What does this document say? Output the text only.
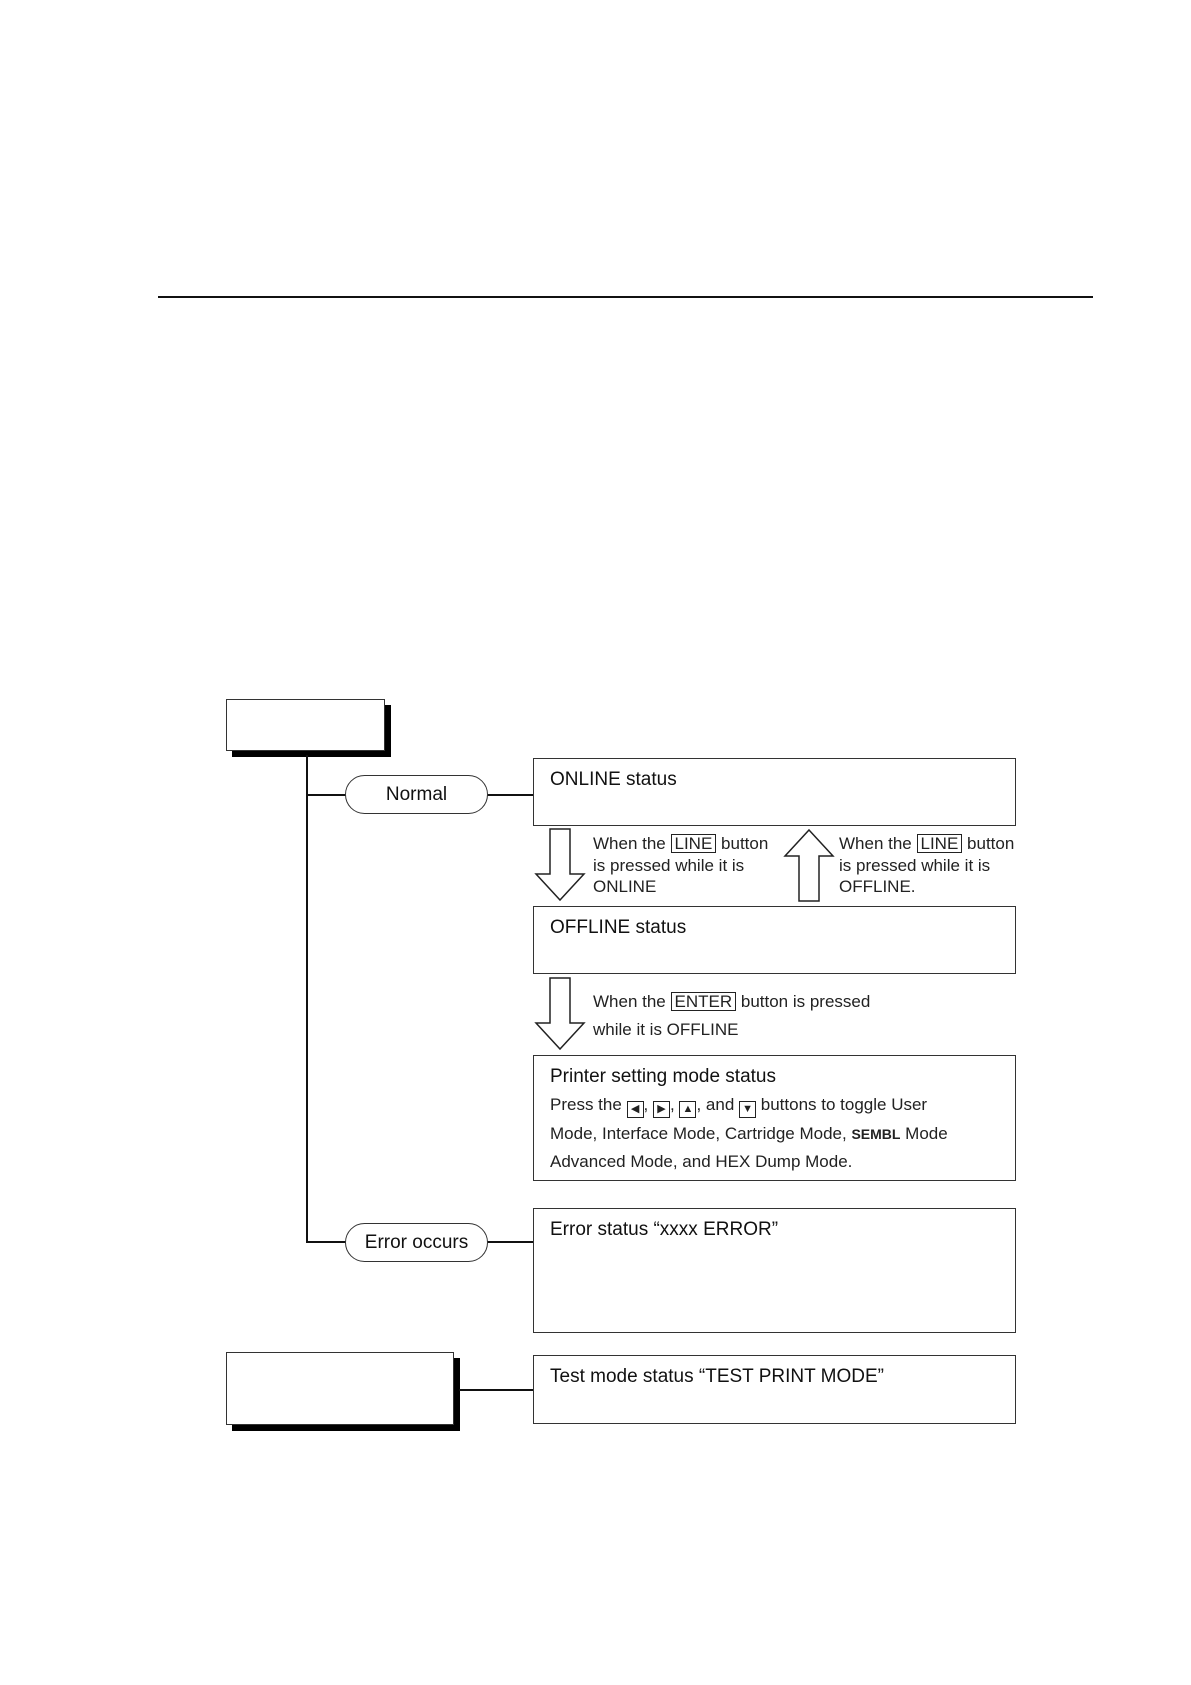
Normal
Error occurs
ONLINE status
When the LINE button
is pressed while it is
ONLINE
When the LINE button
is pressed while it is
OFFLINE.
OFFLINE status
When the ENTER button is pressed
while it is OFFLINE
Printer setting mode status
Press the ◀ , ▶ , ▲ , and ▼ buttons to toggle User
Mode, Interface Mode, Cartridge Mode, SEMBL Mode
Advanced Mode, and HEX Dump Mode.
Error status “xxxx ERROR”
Test mode status “TEST PRINT MODE”
